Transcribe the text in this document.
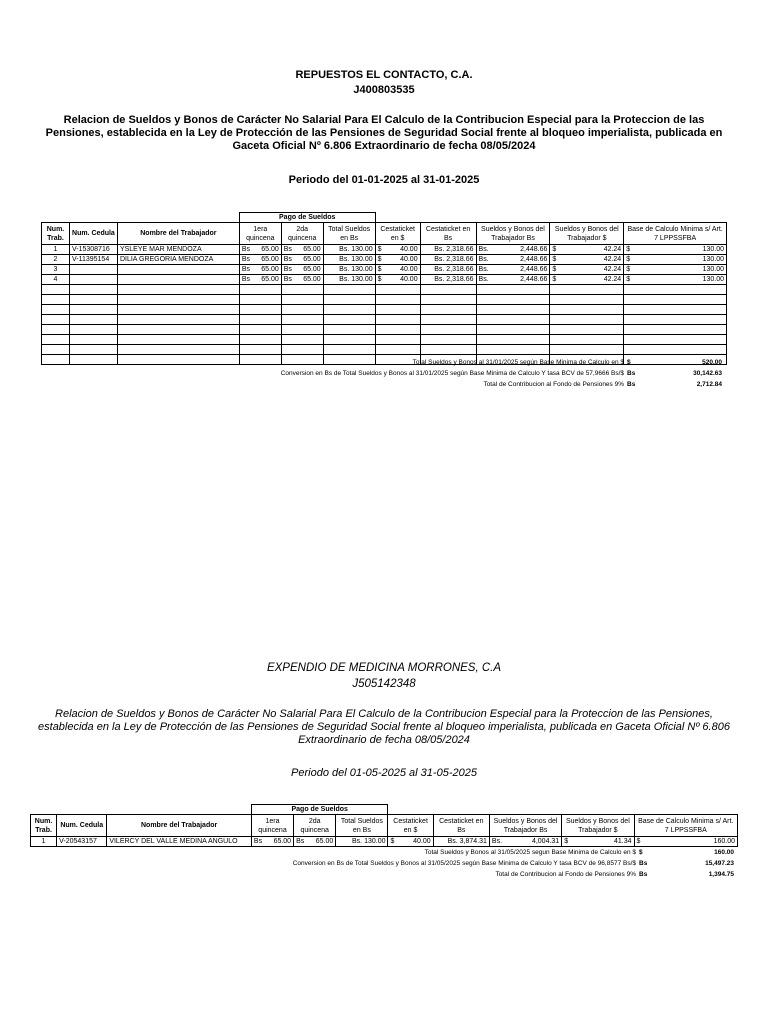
REPUESTOS EL CONTACTO, C.A.
J400803535
Relacion de Sueldos y Bonos de Carácter No Salarial Para El Calculo de la Contribucion Especial para la Proteccion de las Pensiones, establecida en la Ley de Protección de las Pensiones de Seguridad Social frente al bloqueo imperialista, publicada en Gaceta Oficial Nº 6.806 Extraordinario de fecha 08/05/2024
Periodo del 01-01-2025 al 31-01-2025
			Pago de Sueldos							
Num. Trab.	Num. Cedula	Nombre del Trabajador	1era quincena	2da quincena	Total Sueldos en Bs	Cestaticket en $	Cestaticket en Bs	Sueldos y Bonos del Trabajador Bs	Sueldos y Bonos del Trabajador $	Base de Calculo Minima s/ Art. 7 LPPSSFBA
1	V-15308716	YSLEYE MAR MENDOZA	Bs 65.00	Bs 65.00	Bs. 130.00	$ 40.00	Bs. 2,318.66	Bs. 2,448.66	$ 42.24	$ 130.00

2	V-11395154	DILIA GREGORIA MENDOZA	Bs 65.00	Bs 65.00	Bs. 130.00	$ 40.00	Bs. 2,318.66	Bs. 2,448.66	$ 42.24	$ 130.00

3			Bs 65.00	Bs 65.00	Bs. 130.00	$ 40.00	Bs. 2,318.66	Bs. 2,448.66	$ 42.24	$ 130.00

4			Bs 65.00	Bs 65.00	Bs. 130.00	$ 40.00	Bs. 2,318.66	Bs. 2,448.66	$ 42.24	$ 130.00

Total Sueldos y Bonos al 31/01/2025 según Base Minima de Calculo en $ $	520.00
Conversion en Bs de Total Sueldos y Bonos al 31/01/2025 según Base Minima de Calculo Y tasa BCV de 57,9666 Bs/$ Bs	30,142.63
Total de Contribucion al Fondo de Pensiones 9% Bs	2,712.84
EXPENDIO DE MEDICINA MORRONES, C.A
J505142348
Relacion de Sueldos y Bonos de Carácter No Salarial Para El Calculo de la Contribucion Especial para la Proteccion de las Pensiones, establecida en la Ley de Protección de las Pensiones de Seguridad Social frente al bloqueo imperialista, publicada en Gaceta Oficial Nº 6.806 Extraordinario de fecha 08/05/2024
Periodo del 01-05-2025 al 31-05-2025
			Pago de Sueldos							
Num. Trab.	Num. Cedula	Nombre del Trabajador	1era quincena	2da quincena	Total Sueldos en Bs	Cestaticket en $	Cestaticket en Bs	Sueldos y Bonos del Trabajador Bs	Sueldos y Bonos del Trabajador $	Base de Calculo Minima s/ Art. 7 LPPSSFBA
1	V-20543157	VILERCY DEL VALLE MEDINA ANGULO	Bs 65.00	Bs 65.00	Bs. 130.00	$ 40.00	Bs. 3,874.31	Bs. 4,004.31	$ 41.34	$ 160.00
Total Sueldos y Bonos al 31/05/2025 segun Base Minima de Calculo en $ $	160.00
Conversion en Bs de Total Sueldos y Bonos al 31/05/2025 según Base Minima de Calculo Y tasa BCV de 96,8577 Bs/$ Bs	15,497.23
Total de Contribucion al Fondo de Pensiones 9% Bs	1,394.75
